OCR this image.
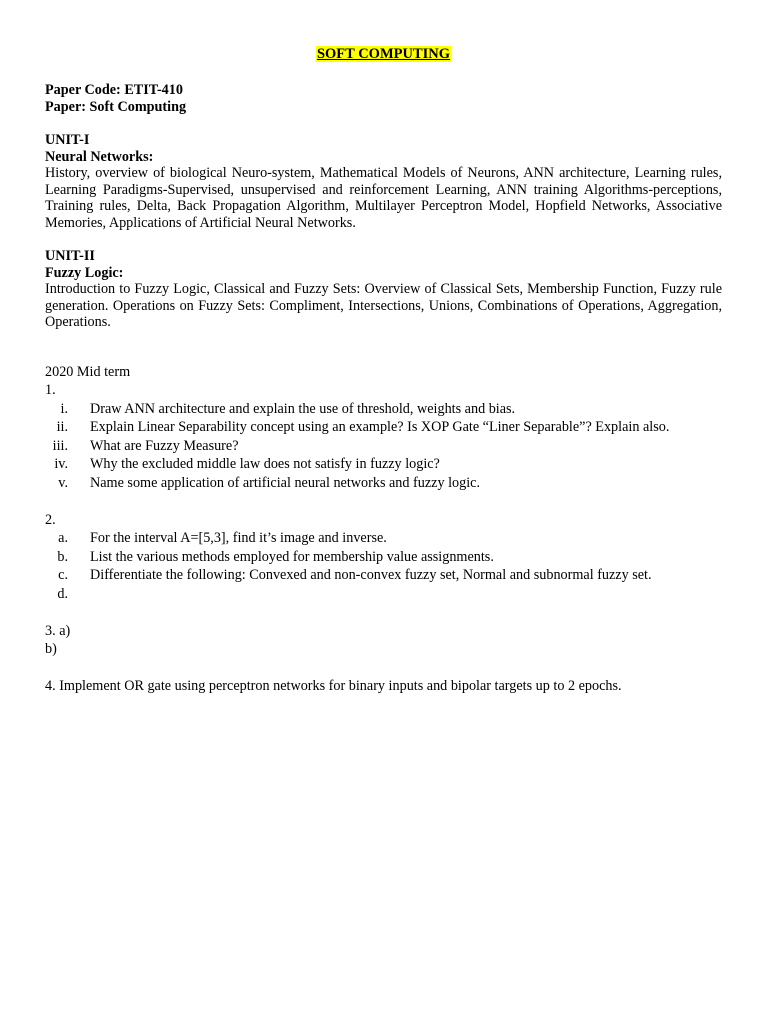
SOFT COMPUTING
Paper Code: ETIT-410
Paper: Soft Computing
UNIT-I
Neural Networks:
History, overview of biological Neuro-system, Mathematical Models of Neurons, ANN architecture, Learning rules, Learning Paradigms-Supervised, unsupervised and reinforcement Learning, ANN training Algorithms-perceptions, Training rules, Delta, Back Propagation Algorithm, Multilayer Perceptron Model, Hopfield Networks, Associative Memories, Applications of Artificial Neural Networks.
UNIT-II
Fuzzy Logic:
Introduction to Fuzzy Logic, Classical and Fuzzy Sets: Overview of Classical Sets, Membership Function, Fuzzy rule generation. Operations on Fuzzy Sets: Compliment, Intersections, Unions, Combinations of Operations, Aggregation, Operations.
2020 Mid term
1.
i. Draw ANN architecture and explain the use of threshold, weights and bias.
ii. Explain Linear Separability concept using an example? Is XOP Gate “Liner Separable”? Explain also.
iii. What are Fuzzy Measure?
iv. Why the excluded middle law does not satisfy in fuzzy logic?
v. Name some application of artificial neural networks and fuzzy logic.
2.
a. For the interval A=[5,3], find it’s image and inverse.
b. List the various methods employed for membership value assignments.
c. Differentiate the following: Convexed and non-convex fuzzy set, Normal and subnormal fuzzy set.
d.
3. a)
b)
4. Implement OR gate using perceptron networks for binary inputs and bipolar targets up to 2 epochs.
